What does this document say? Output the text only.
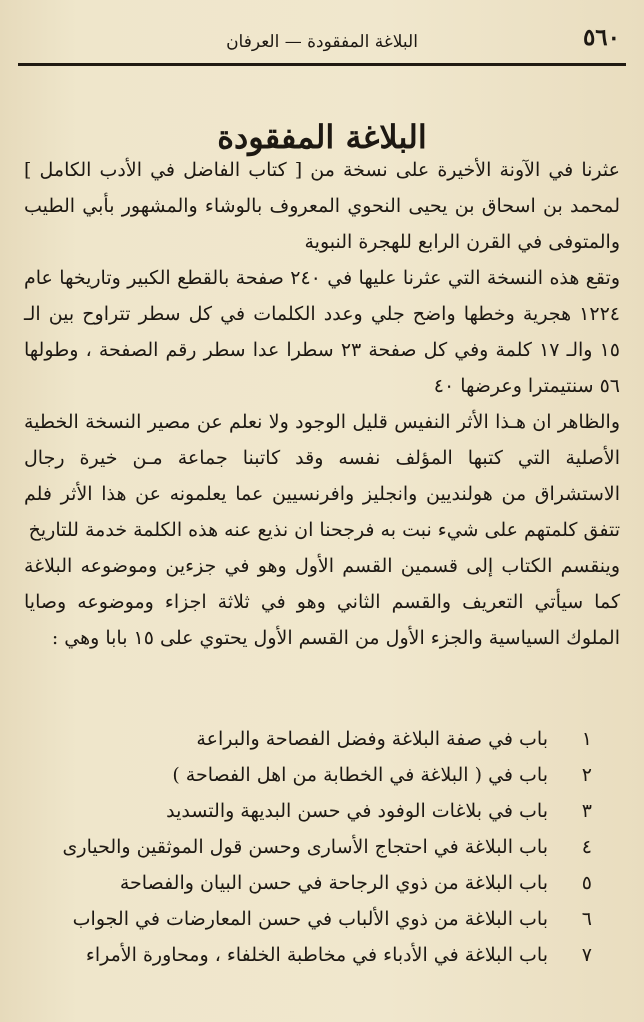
٥٦٠
البلاغة المفقودة — العرفان
البلاغة المفقودة

عثرنا في الآونة الأخيرة على نسخة من [ كتاب الفاضل في الأدب الكامل ] لمحمد بن اسحاق بن يحيى النحوي المعروف بالوشاء والمشهور بأبي الطيب والمتوفى في القرن الرابع للهجرة النبوية

وتقع هذه النسخة التي عثرنا عليها في ٢٤٠ صفحة بالقطع الكبير وتاريخها عام ١٢٢٤ هجرية وخطها واضح جلي وعدد الكلمات في كل سطر تتراوح بين الـ ١٥ والـ ١٧ كلمة وفي كل صفحة ٢٣ سطرا عدا سطر رقم الصفحة ، وطولها ٥٦ سنتيمترا وعرضها ٤٠

والظاهر ان هـذا الأثر النفيس قليل الوجود ولا نعلم عن مصير النسخة الخطية الأصلية التي كتبها المؤلف نفسه وقد كاتبنا جماعة مـن خيرة رجال الاستشراق من هولنديين وانجليز وافرنسيين عما يعلمونه عن هذا الأثر فلم تتفق كلمتهم على شيء نبت به فرجحنا ان نذيع عنه هذه الكلمة خدمة للتاريخ

وينقسم الكتاب إلى قسمين القسم الأول وهو في جزءين وموضوعه البلاغة كما سيأتي التعريف والقسم الثاني وهو في ثلاثة اجزاء وموضوعه وصايا الملوك السياسية والجزء الأول من القسم الأول يحتوي على ١٥ بابا وهي :

١باب في صفة البلاغة وفضل الفصاحة والبراعة
٢باب في ( البلاغة في الخطابة من اهل الفصاحة )
٣باب في بلاغات الوفود في حسن البديهة والتسديد
٤باب البلاغة في احتجاج الأسارى وحسن قول الموثقين والحيارى
٥باب البلاغة من ذوي الرجاحة في حسن البيان والفصاحة
٦باب البلاغة من ذوي الألباب في حسن المعارضات في الجواب
٧باب البلاغة في الأدباء في مخاطبة الخلفاء ، ومحاورة الأمراء
